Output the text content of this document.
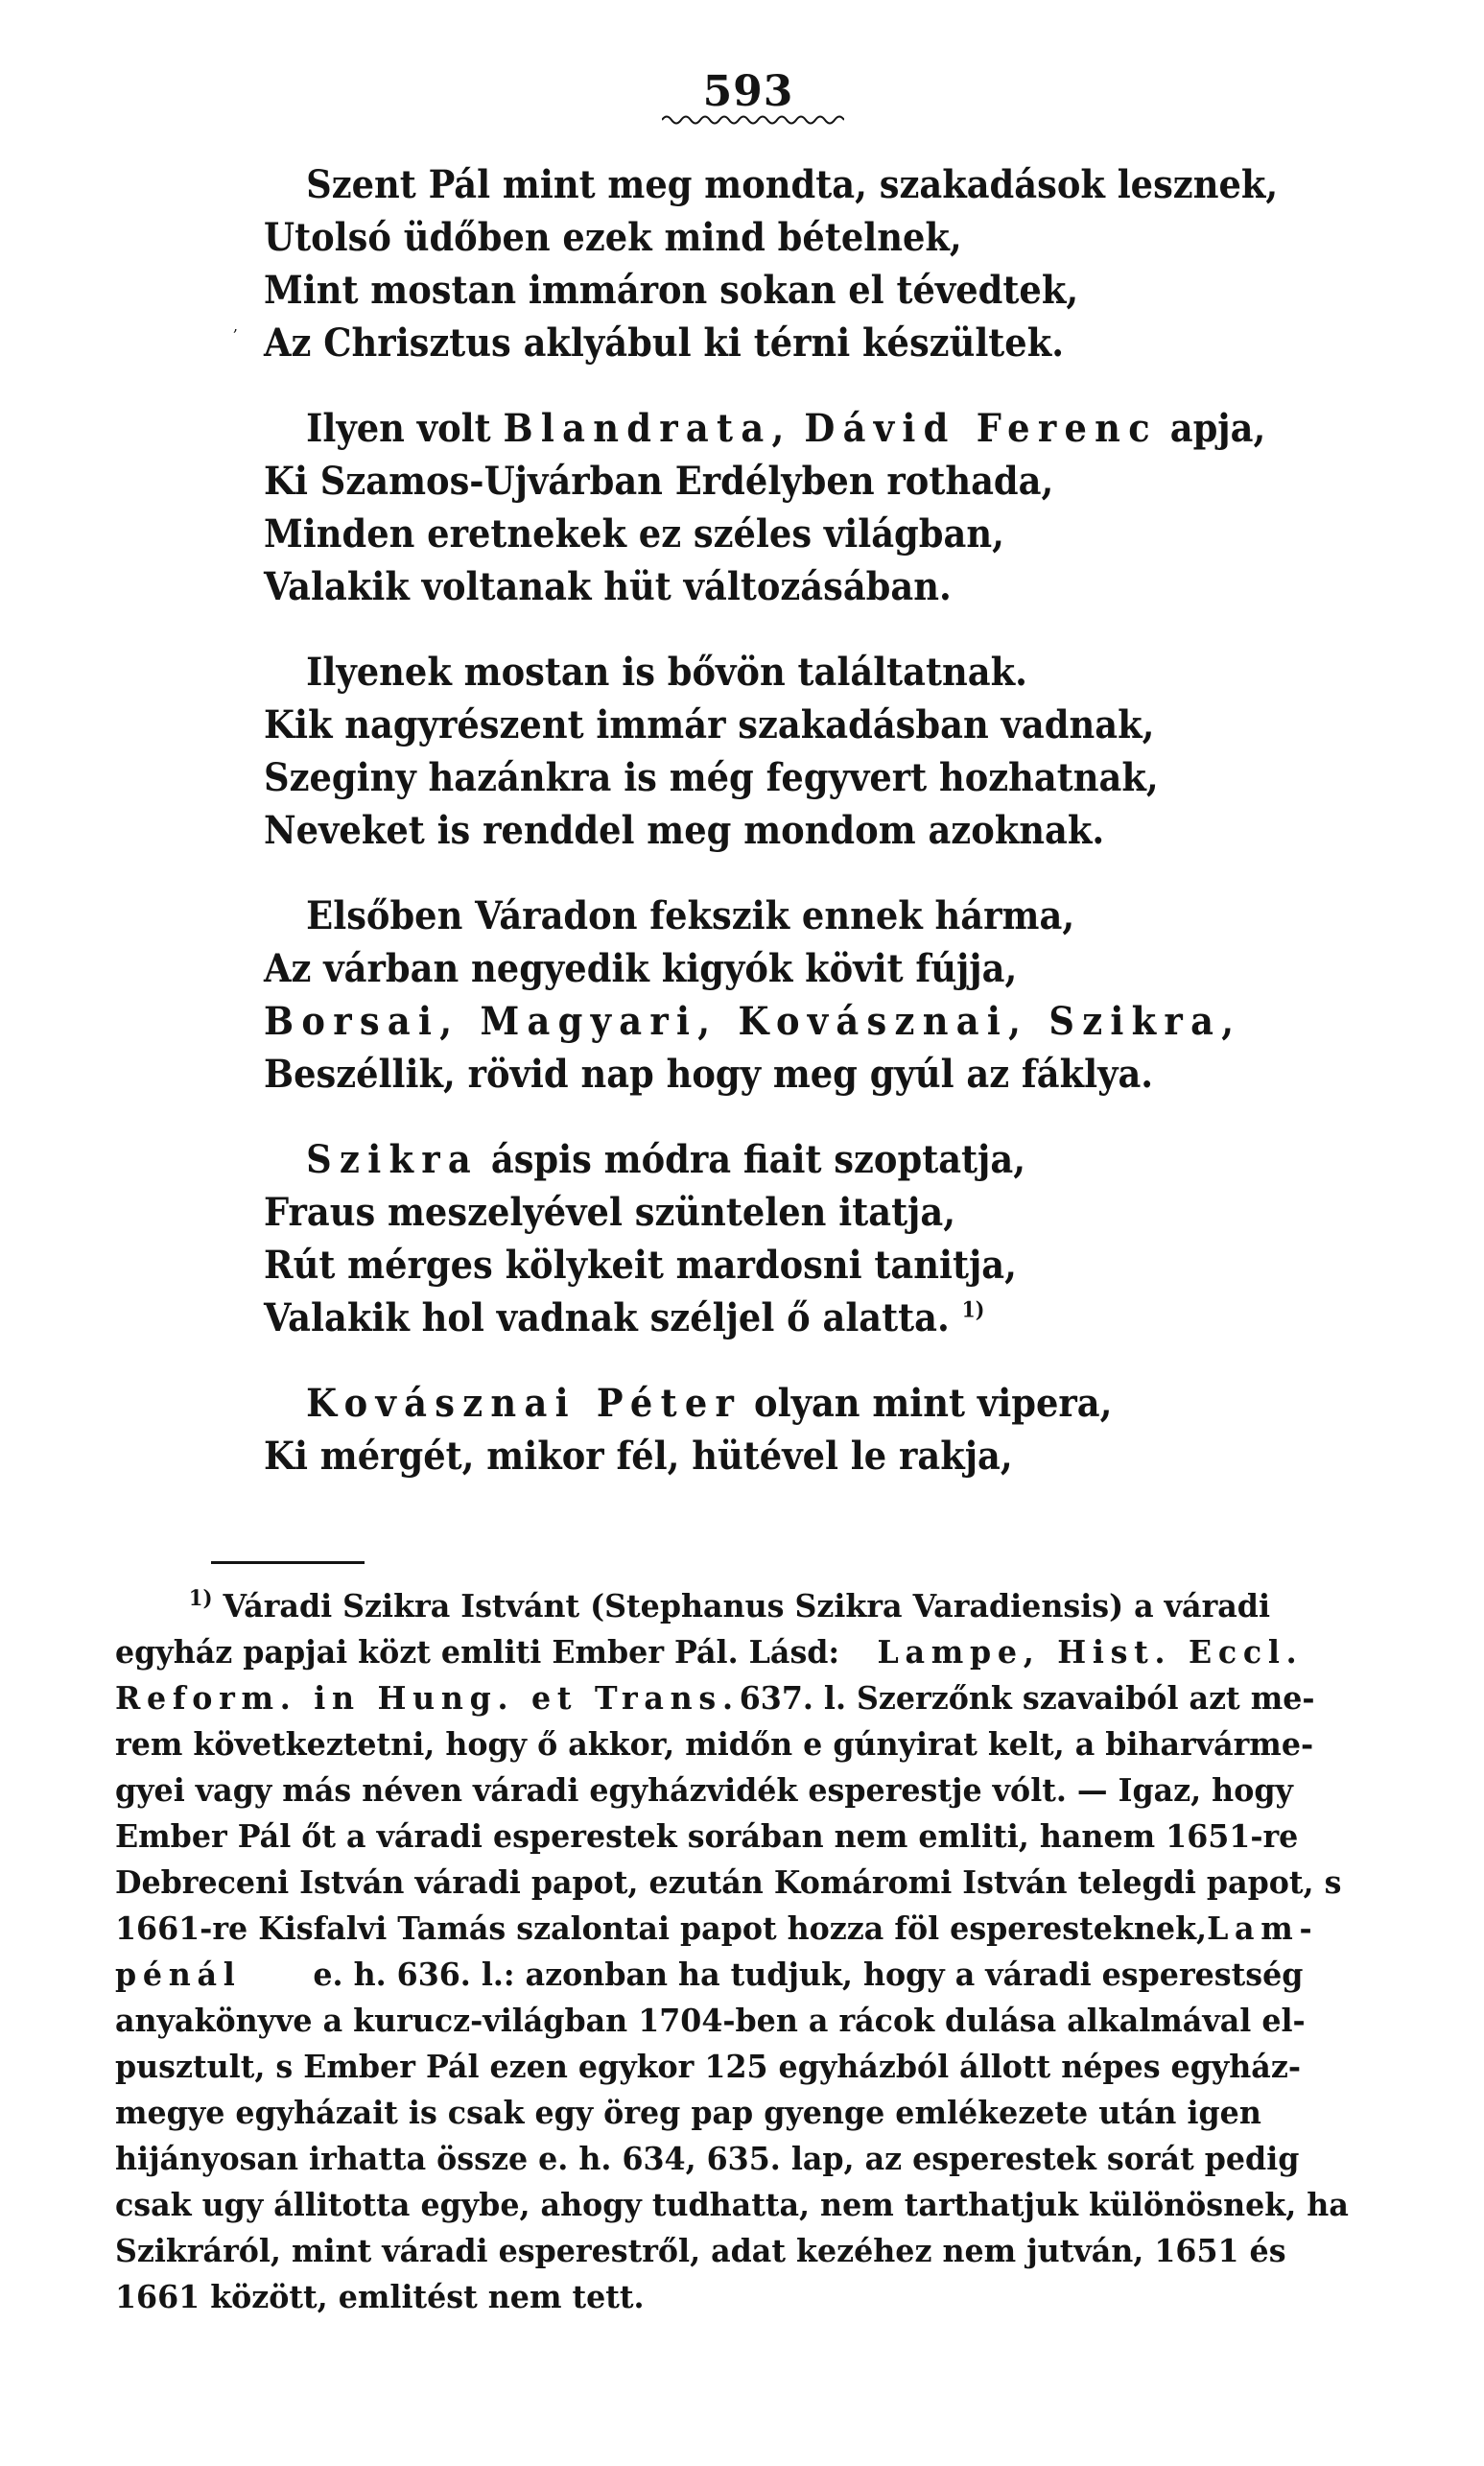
593
Szent Pál mint meg mondta, szakadások lesznek,
Utolsó üdőben ezek mind bételnek,
Mint mostan immáron sokan el tévedtek,
, Az Chrisztus aklyábul ki térni készültek.
Ilyen volt Blandrata, Dávid Ferenc apja,
Ki Szamos-Ujvárban Erdélyben rothada,
Minden eretnekek ez széles világban,
Valakik voltanak hüt változásában.
Ilyenek mostan is bővön találtatnak.
Kik nagyrészent immár szakadásban vadnak,
Szeginy hazánkra is még fegyvert hozhatnak,
Neveket is renddel meg mondom azoknak.
Elsőben Váradon fekszik ennek hárma,
Az várban negyedik kigyók kövit fújja,
Borsai, Magyari, Kovásznai, Szikra,
Beszéllik, rövid nap hogy meg gyúl az fáklya.
Szikra áspis módra fiait szoptatja,
Fraus meszelyével szüntelen itatja,
Rút mérges kölykeit mardosni tanitja,
Valakik hol vadnak széljel ő alatta. $^{1)}$
Kovásznai Péter olyan mint vipera,
Ki mérgét, mikor fél, hütével le rakja,
$^{1)}$ Váradi Szikra Istvánt (Stephanus Szikra Varadiensis) a váradi
egyház papjai közt emliti Ember Pál. Lásd: Lampe, Hist. Eccl.
Reform. in Hung. et Trans. 637. l. Szerzőnk szavaiból azt me-
rem következtetni, hogy ő akkor, midőn e gúnyirat kelt, a biharvárme-
gyei vagy más néven váradi egyházvidék esperestje vólt. — Igaz, hogy
Ember Pál őt a váradi esperestek sorában nem emliti, hanem 1651-re
Debreceni István váradi papot, ezután Komáromi István telegdi papot, s
1661-re Kisfalvi Tamás szalontai papot hozza föl esperesteknek, Lam-
pénál e. h. 636. l.: azonban ha tudjuk, hogy a váradi esperestség
anyakönyve a kurucz-világban 1704-ben a rácok dulása alkalmával el-
pusztult, s Ember Pál ezen egykor 125 egyházból állott népes egyház-
megye egyházait is csak egy öreg pap gyenge emlékezete után igen
hijányosan irhatta össze e. h. 634, 635. lap, az esperestek sorát pedig
csak ugy állitotta egybe, ahogy tudhatta, nem tarthatjuk különösnek, ha
Szikráról, mint váradi esperestről, adat kezéhez nem jutván, 1651 és
1661 között, emlitést nem tett.
